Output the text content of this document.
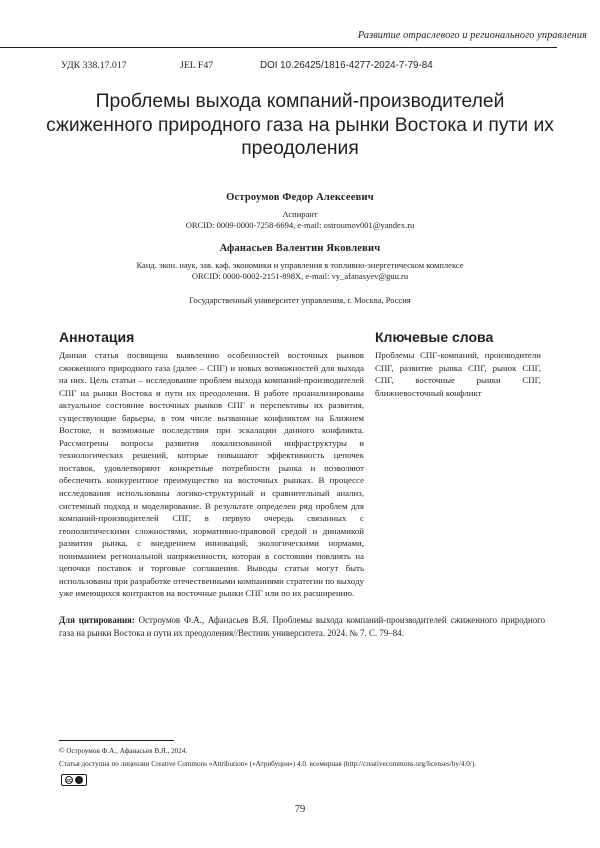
Развитие отраслевого и регионального управления
УДК 338.17.017	JEL F47	DOI 10.26425/1816-4277-2024-7-79-84
Проблемы выхода компаний-производителей сжиженного природного газа на рынки Востока и пути их преодоления
Остроумов Федор Алексеевич
Аспирант
ORCID: 0009-0000-7258-6694, e-mail: ostroumov001@yandex.ru
Афанасьев Валентин Яковлевич
Канд. экон. наук, зав. каф. экономики и управления в топливно-энергетическом комплексе
ORCID: 0000-0002-2151-898X, e-mail: vy_afanasyev@guu.ru
Государственный университет управления, г. Москва, Россия
Аннотация
Данная статья посвящена выявлению особенностей восточных рынков сжиженного природного газа (далее – СПГ) и новых возможностей для выхода на них. Цель статьи – исследование проблем выхода компаний-производителей СПГ на рынки Востока и пути их преодоления. В работе проанализированы актуальное состояние восточных рынков СПГ и перспективы их развития, существующие барьеры, в том числе вызванные конфликтом на Ближнем Востоке, и возможные последствия при эскалации данного конфликта. Рассмотрены вопросы развития локализованной инфраструктуры и технологических решений, которые повышают эффективность цепочек поставок, удовлетворяют конкретные потребности рынка и позволяют обеспечить конкурентное преимущество на восточных рынках. В процессе исследования использованы логико-структурный и сравнительный анализ, системный подход и моделирование. В результате определен ряд проблем для компаний-производителей СПГ, в первую очередь связанных с геополитическими сложностями, нормативно-правовой средой и динамикой развития рынка, с внедрением инноваций, экологическими нормами, пониманием региональной напряженности, которая в состоянии повлиять на цепочки поставок и торговые соглашения. Выводы статьи могут быть использованы при разработке отечественными компаниями стратегии по выходу уже имеющихся контрактов на восточные рынки СПГ или по их расширению.
Ключевые слова
Проблемы СПГ-компаний, производители СПГ, развитие рынка СПГ, рынок СПГ, СПГ, восточные рынки СПГ, ближневосточный конфликт
Для цитирования: Остроумов Ф.А., Афанасьев В.Я. Проблемы выхода компаний-производителей сжиженного природного газа на рынки Востока и пути их преодоления//Вестник университета. 2024. № 7. С. 79–84.
© Остроумов Ф.А., Афанасьев В.Я., 2024.
Статья доступна по лицензии Creative Commons «Attribution» («Атрибуция») 4.0. всемирная (http://creativecommons.org/licenses/by/4.0/).
cc
79
